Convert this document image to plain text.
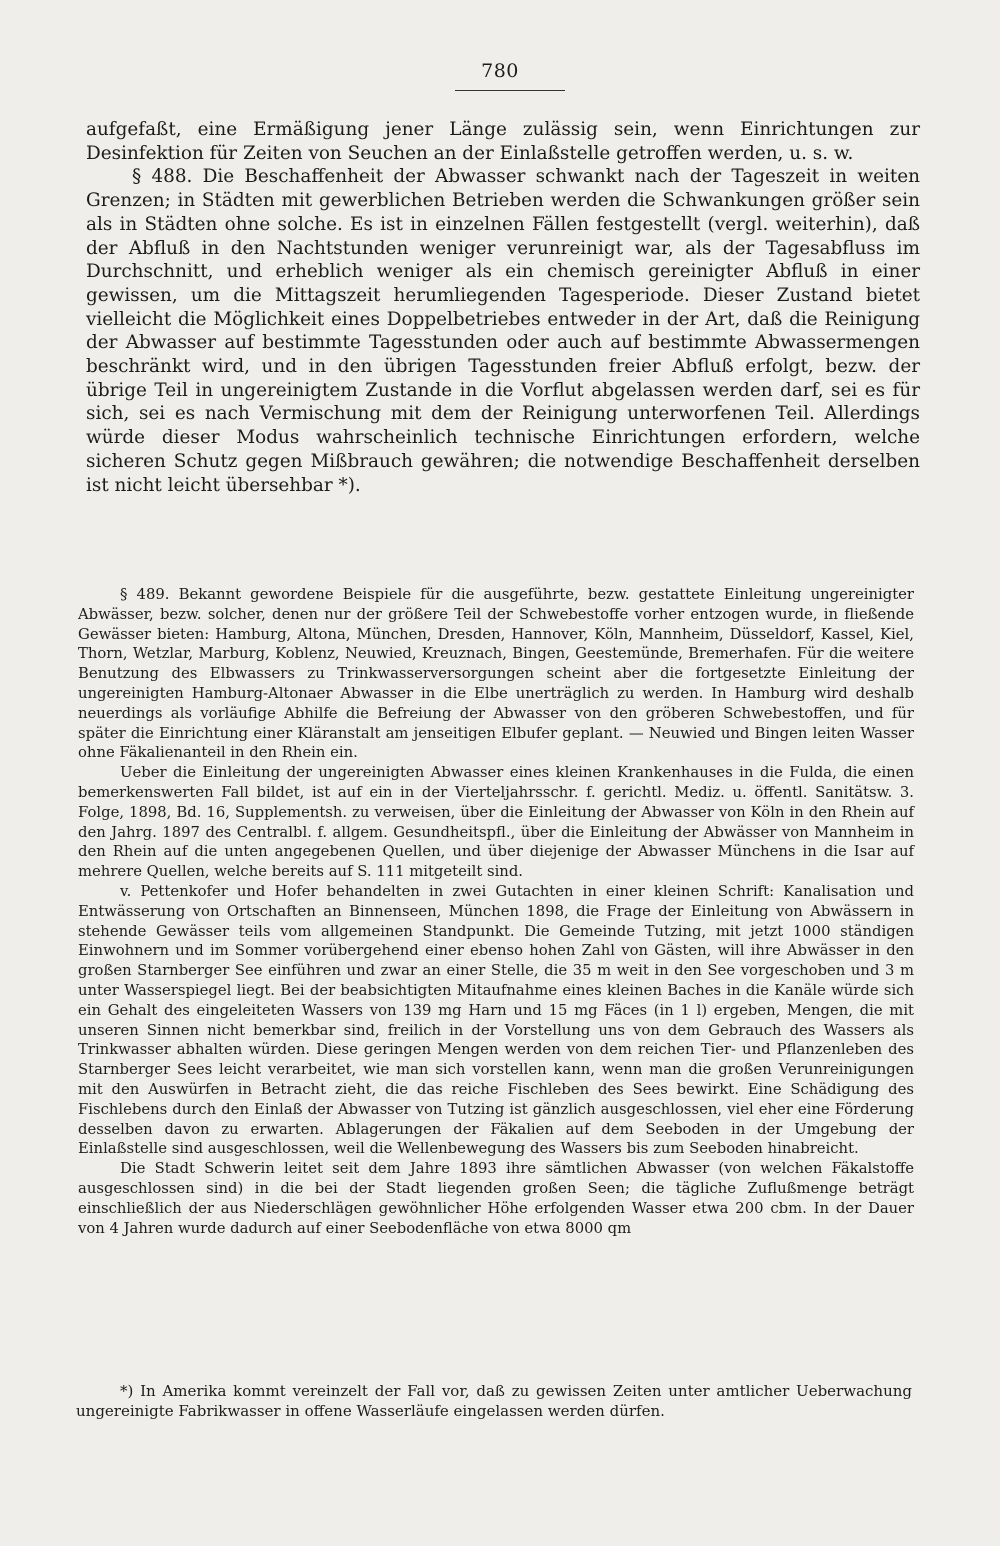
780

aufgefaßt, eine Ermäßigung jener Länge zulässig sein, wenn Einrichtungen zur Desinfektion für Zeiten von Seuchen an der Einlaßstelle getroffen werden, u. s. w.

§ 488. Die Beschaffenheit der Abwasser schwankt nach der Tageszeit in weiten Grenzen; in Städten mit gewerblichen Betrieben werden die Schwankungen größer sein als in Städten ohne solche. Es ist in einzelnen Fällen festgestellt (vergl. weiterhin), daß der Abfluß in den Nachtstunden weniger verunreinigt war, als der Tagesabfluss im Durchschnitt, und erheblich weniger als ein chemisch gereinigter Abfluß in einer gewissen, um die Mittagszeit herumliegenden Tagesperiode. Dieser Zustand bietet vielleicht die Möglichkeit eines Doppelbetriebes entweder in der Art, daß die Reinigung der Abwasser auf bestimmte Tagesstunden oder auch auf bestimmte Abwassermengen beschränkt wird, und in den übrigen Tagesstunden freier Abfluß erfolgt, bezw. der übrige Teil in ungereinigtem Zustande in die Vorflut abgelassen werden darf, sei es für sich, sei es nach Vermischung mit dem der Reinigung unterworfenen Teil. Allerdings würde dieser Modus wahrscheinlich technische Einrichtungen erfordern, welche sicheren Schutz gegen Mißbrauch gewähren; die notwendige Beschaffenheit derselben ist nicht leicht übersehbar *).

§ 489. Bekannt gewordene Beispiele für die ausgeführte, bezw. gestattete Einleitung ungereinigter Abwässer, bezw. solcher, denen nur der größere Teil der Schwebestoffe vorher entzogen wurde, in fließende Gewässer bieten: Hamburg, Altona, München, Dresden, Hannover, Köln, Mannheim, Düsseldorf, Kassel, Kiel, Thorn, Wetzlar, Marburg, Koblenz, Neuwied, Kreuznach, Bingen, Geestemünde, Bremerhafen. Für die weitere Benutzung des Elbwassers zu Trinkwasserversorgungen scheint aber die fortgesetzte Einleitung der ungereinigten Hamburg-Altonaer Abwasser in die Elbe unerträglich zu werden. In Hamburg wird deshalb neuerdings als vorläufige Abhilfe die Befreiung der Abwasser von den gröberen Schwebestoffen, und für später die Einrichtung einer Kläranstalt am jenseitigen Elbufer geplant. — Neuwied und Bingen leiten Wasser ohne Fäkalienanteil in den Rhein ein.

Ueber die Einleitung der ungereinigten Abwasser eines kleinen Krankenhauses in die Fulda, die einen bemerkenswerten Fall bildet, ist auf ein in der Vierteljahrsschr. f. gerichtl. Mediz. u. öffentl. Sanitätsw. 3. Folge, 1898, Bd. 16, Supplementsh. zu verweisen, über die Einleitung der Abwasser von Köln in den Rhein auf den Jahrg. 1897 des Centralbl. f. allgem. Gesundheitspfl., über die Einleitung der Abwässer von Mannheim in den Rhein auf die unten angegebenen Quellen, und über diejenige der Abwasser Münchens in die Isar auf mehrere Quellen, welche bereits auf S. 111 mitgeteilt sind.

v. Pettenkofer und Hofer behandelten in zwei Gutachten in einer kleinen Schrift: Kanalisation und Entwässerung von Ortschaften an Binnenseen, München 1898, die Frage der Einleitung von Abwässern in stehende Gewässer teils vom allgemeinen Standpunkt. Die Gemeinde Tutzing, mit jetzt 1000 ständigen Einwohnern und im Sommer vorübergehend einer ebenso hohen Zahl von Gästen, will ihre Abwässer in den großen Starnberger See einführen und zwar an einer Stelle, die 35 m weit in den See vorgeschoben und 3 m unter Wasserspiegel liegt. Bei der beabsichtigten Mitaufnahme eines kleinen Baches in die Kanäle würde sich ein Gehalt des eingeleiteten Wassers von 139 mg Harn und 15 mg Fäces (in 1 l) ergeben, Mengen, die mit unseren Sinnen nicht bemerkbar sind, freilich in der Vorstellung uns von dem Gebrauch des Wassers als Trinkwasser abhalten würden. Diese geringen Mengen werden von dem reichen Tier- und Pflanzenleben des Starnberger Sees leicht verarbeitet, wie man sich vorstellen kann, wenn man die großen Verunreinigungen mit den Auswürfen in Betracht zieht, die das reiche Fischleben des Sees bewirkt. Eine Schädigung des Fischlebens durch den Einlaß der Abwasser von Tutzing ist gänzlich ausgeschlossen, viel eher eine Förderung desselben davon zu erwarten. Ablagerungen der Fäkalien auf dem Seeboden in der Umgebung der Einlaßstelle sind ausgeschlossen, weil die Wellenbewegung des Wassers bis zum Seeboden hinabreicht.

Die Stadt Schwerin leitet seit dem Jahre 1893 ihre sämtlichen Abwasser (von welchen Fäkalstoffe ausgeschlossen sind) in die bei der Stadt liegenden großen Seen; die tägliche Zuflußmenge beträgt einschließlich der aus Niederschlägen gewöhnlicher Höhe erfolgenden Wasser etwa 200 cbm. In der Dauer von 4 Jahren wurde dadurch auf einer Seebodenfläche von etwa 8000 qm

*) In Amerika kommt vereinzelt der Fall vor, daß zu gewissen Zeiten unter amtlicher Ueberwachung ungereinigte Fabrikwasser in offene Wasserläufe eingelassen werden dürfen.
